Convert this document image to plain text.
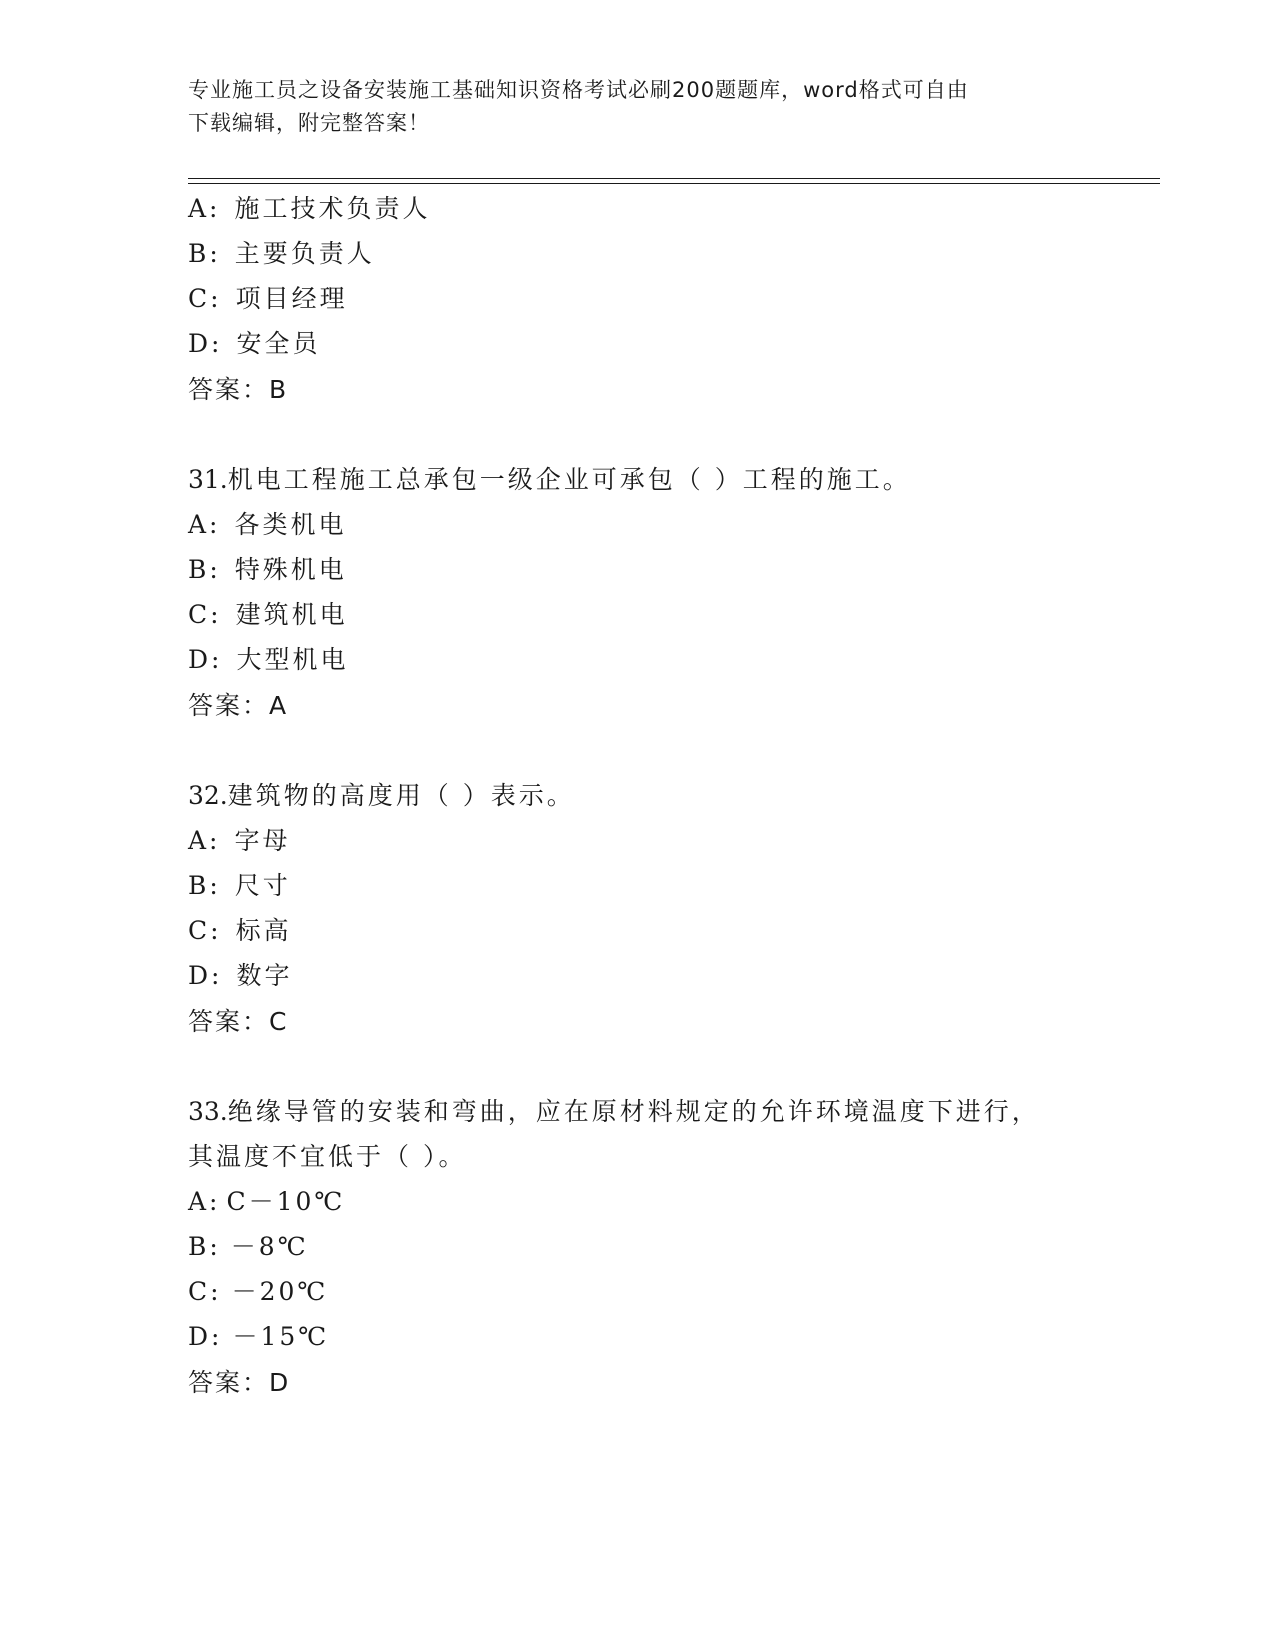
专业施工员之设备安装施工基础知识资格考试必刷200题题库，word格式可自由
下载编辑，附完整答案！
A: 施工技术负责人
B: 主要负责人
C: 项目经理
D: 安全员
答案：B
31.机电工程施工总承包一级企业可承包（ ）工程的施工。
A: 各类机电
B: 特殊机电
C: 建筑机电
D: 大型机电
答案：A
32.建筑物的高度用（ ）表示。
A: 字母
B: 尺寸
C: 标高
D: 数字
答案：C
33.绝缘导管的安装和弯曲，应在原材料规定的允许环境温度下进行，
其温度不宜低于（ ）。
A: C－10℃
B: －8℃
C: －20℃
D: －15℃
答案：D
